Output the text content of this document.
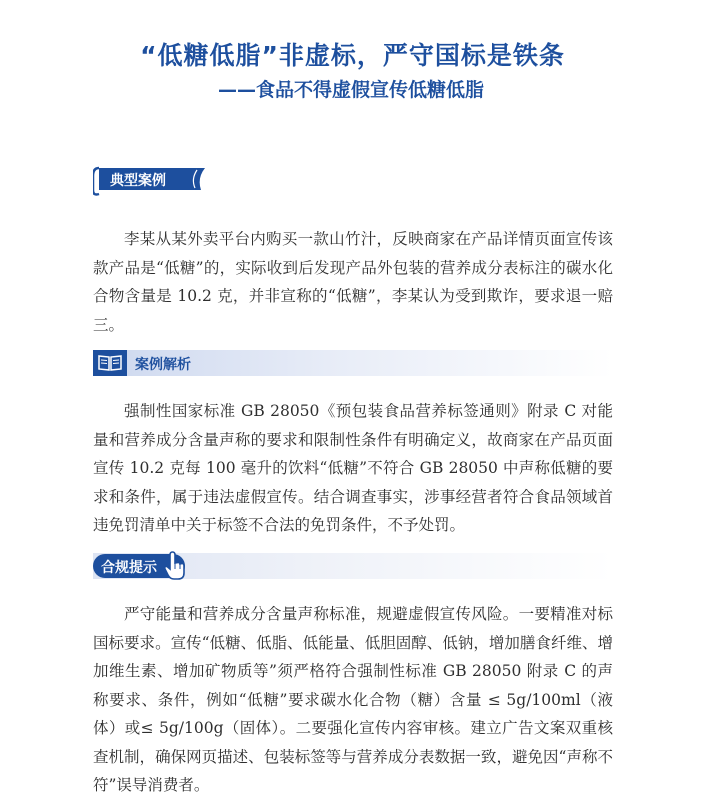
“低糖低脂”非虚标，严守国标是铁条
——食品不得虚假宣传低糖低脂
典型案例
李某从某外卖平台内购买一款山竹汁，反映商家在产品详情页面宣传该款产品是“低糖”的，实际收到后发现产品外包装的营养成分表标注的碳水化合物含量是 10.2 克，并非宣称的“低糖”，李某认为受到欺诈，要求退一赔三。
案例解析
强制性国家标准 GB 28050《预包装食品营养标签通则》附录 C 对能量和营养成分含量声称的要求和限制性条件有明确定义，故商家在产品页面宣传 10.2 克每 100 毫升的饮料“低糖”不符合 GB 28050 中声称低糖的要求和条件，属于违法虚假宣传。结合调查事实，涉事经营者符合食品领域首违免罚清单中关于标签不合法的免罚条件，不予处罚。
合规提示
严守能量和营养成分含量声称标准，规避虚假宣传风险。一要精准对标国标要求。宣传“低糖、低脂、低能量、低胆固醇、低钠，增加膳食纤维、增加维生素、增加矿物质等”须严格符合强制性标准 GB 28050 附录 C 的声称要求、条件，例如“低糖”要求碳水化合物（糖）含量 ≤ 5g/100ml（液体）或≤ 5g/100g（固体）。二要强化宣传内容审核。建立广告文案双重核查机制，确保网页描述、包装标签等与营养成分表数据一致，避免因“声称不符”误导消费者。
